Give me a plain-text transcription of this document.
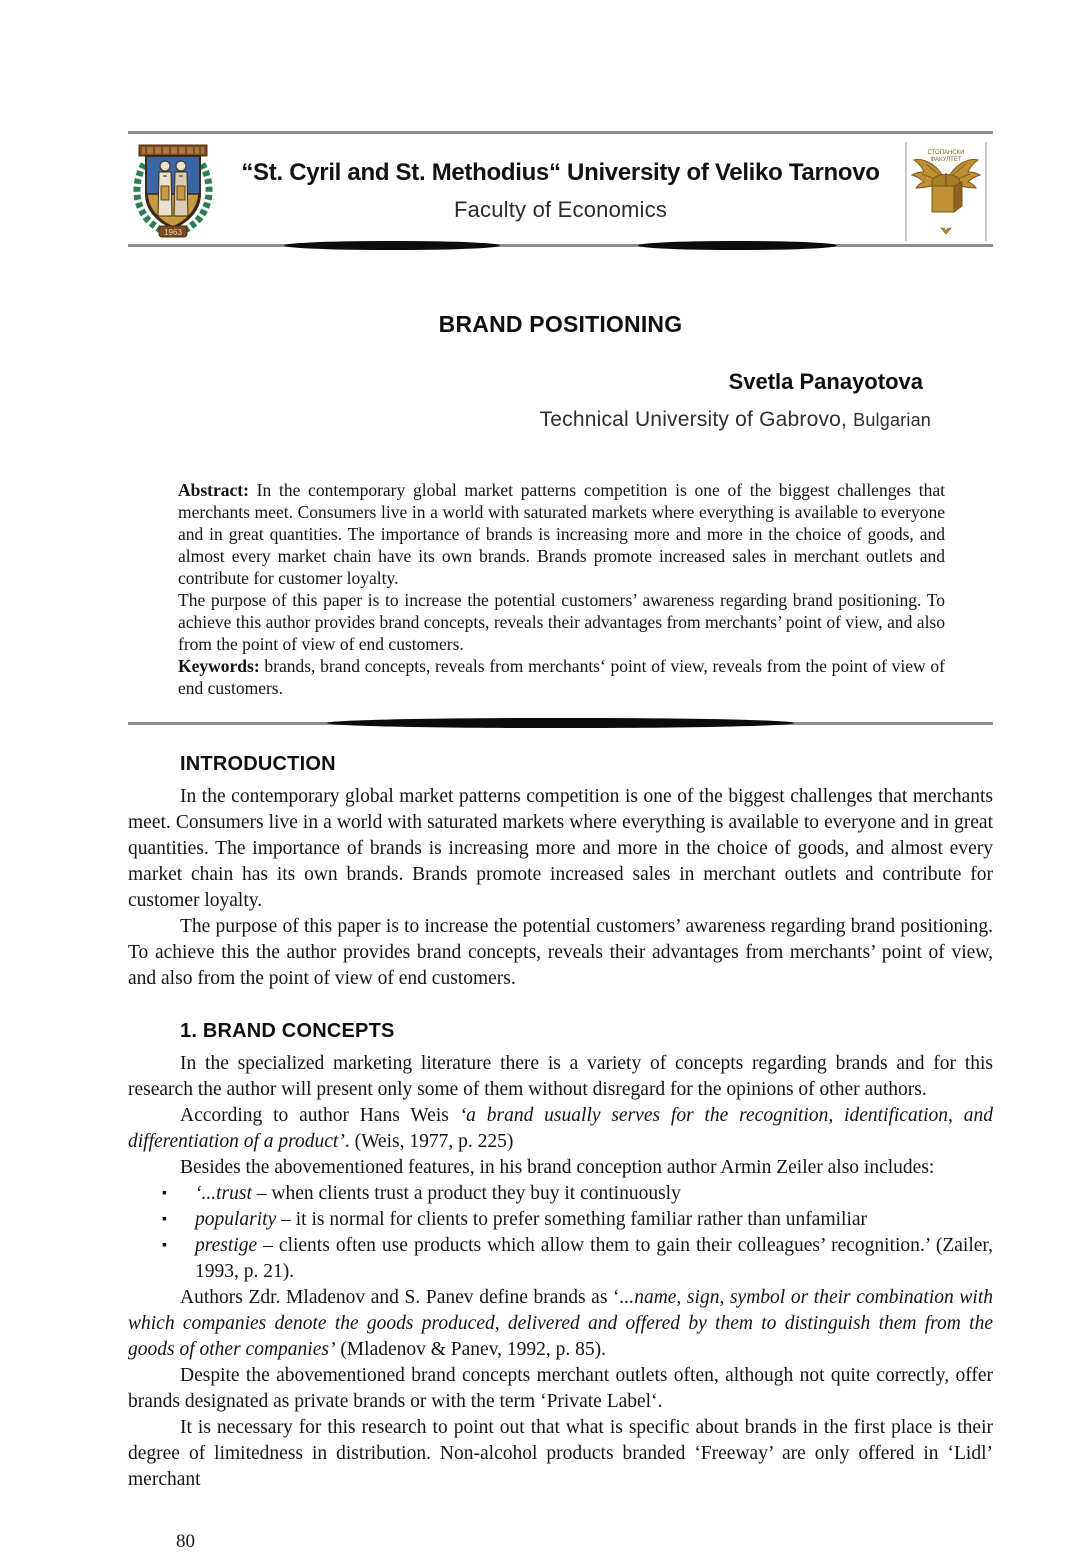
1963
“St. Cyril and St. Methodius“ University of Veliko Tarnovo
Faculty of Economics
СТОПАНСКИ
ФАКУЛТЕТ
BRAND POSITIONING
Svetla Panayotova
Technical University of Gabrovo, Bulgarian

Abstract: In the contemporary global market patterns competition is one of the biggest challenges that merchants meet. Consumers live in a world with saturated markets where everything is available to everyone and in great quantities. The importance of brands is increasing more and more in the choice of goods, and almost every market chain have its own brands. Brands promote increased sales in merchant outlets and contribute for customer loyalty.

The purpose of this paper is to increase the potential customers’ awareness regarding brand positioning. To achieve this author provides brand concepts, reveals their advantages from merchants’ point of view, and also from the point of view of end customers.

Keywords: brands, brand concepts, reveals from merchants‘ point of view, reveals from the point of view of end customers.

INTRODUCTION

In the contemporary global market patterns competition is one of the biggest challenges that merchants meet. Consumers live in a world with saturated markets where everything is available to everyone and in great quantities. The importance of brands is increasing more and more in the choice of goods, and almost every market chain has its own brands. Brands promote increased sales in merchant outlets and contribute for customer loyalty.

The purpose of this paper is to increase the potential customers’ awareness regarding brand positioning. To achieve this the author provides brand concepts, reveals their advantages from merchants’ point of view, and also from the point of view of end customers.

1. BRAND CONCEPTS

In the specialized marketing literature there is a variety of concepts regarding brands and for this research the author will present only some of them without disregard for the opinions of other authors.

According to author Hans Weis ‘a brand usually serves for the recognition, identification, and differentiation of a product’. (Weis, 1977, p. 225)

Besides the abovementioned features, in his brand conception author Armin Zeiler also includes:

▪ ‘...trust – when clients trust a product they buy it continuously
▪ popularity – it is normal for clients to prefer something familiar rather than unfamiliar
▪ prestige – clients often use products which allow them to gain their colleagues’ recognition.’ (Zailer, 1993, p. 21).

Authors Zdr. Mladenov and S. Panev define brands as ‘...name, sign, symbol or their combination with which companies denote the goods produced, delivered and offered by them to distinguish them from the goods of other companies’ (Mladenov & Panev, 1992, p. 85).

Despite the abovementioned brand concepts merchant outlets often, although not quite correctly, offer brands designated as private brands or with the term ‘Private Label‘.

It is necessary for this research to point out that what is specific about brands in the first place is their degree of limitedness in distribution. Non-alcohol products branded ‘Freeway’ are only offered in ‘Lidl’ merchant

80
